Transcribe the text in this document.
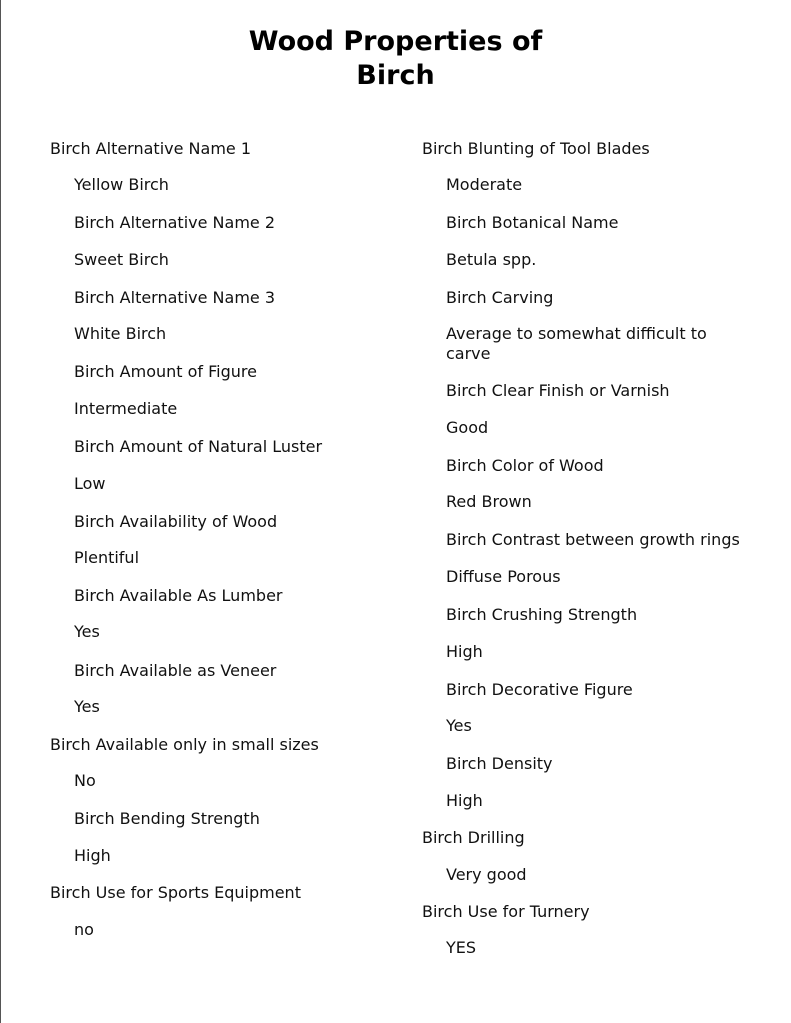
Wood Properties of
Birch
Birch Alternative Name 1
Yellow Birch
Birch Alternative Name 2
Sweet Birch
Birch Alternative Name 3
White Birch
Birch Amount of Figure
Intermediate
Birch Amount of Natural Luster
Low
Birch Availability of Wood
Plentiful
Birch Available As Lumber
Yes
Birch Available as Veneer
Yes
Birch Available only in small sizes
No
Birch Bending Strength
High
Birch Use for Sports Equipment
no
Birch Blunting of Tool Blades
Moderate
Birch Botanical Name
Betula spp.
Birch Carving
Average to somewhat difficult to carve
Birch Clear Finish or Varnish
Good
Birch Color of Wood
Red Brown
Birch Contrast between growth rings
Diffuse Porous
Birch Crushing Strength
High
Birch Decorative Figure
Yes
Birch Density
High
Birch Drilling
Very good
Birch Use for Turnery
YES
